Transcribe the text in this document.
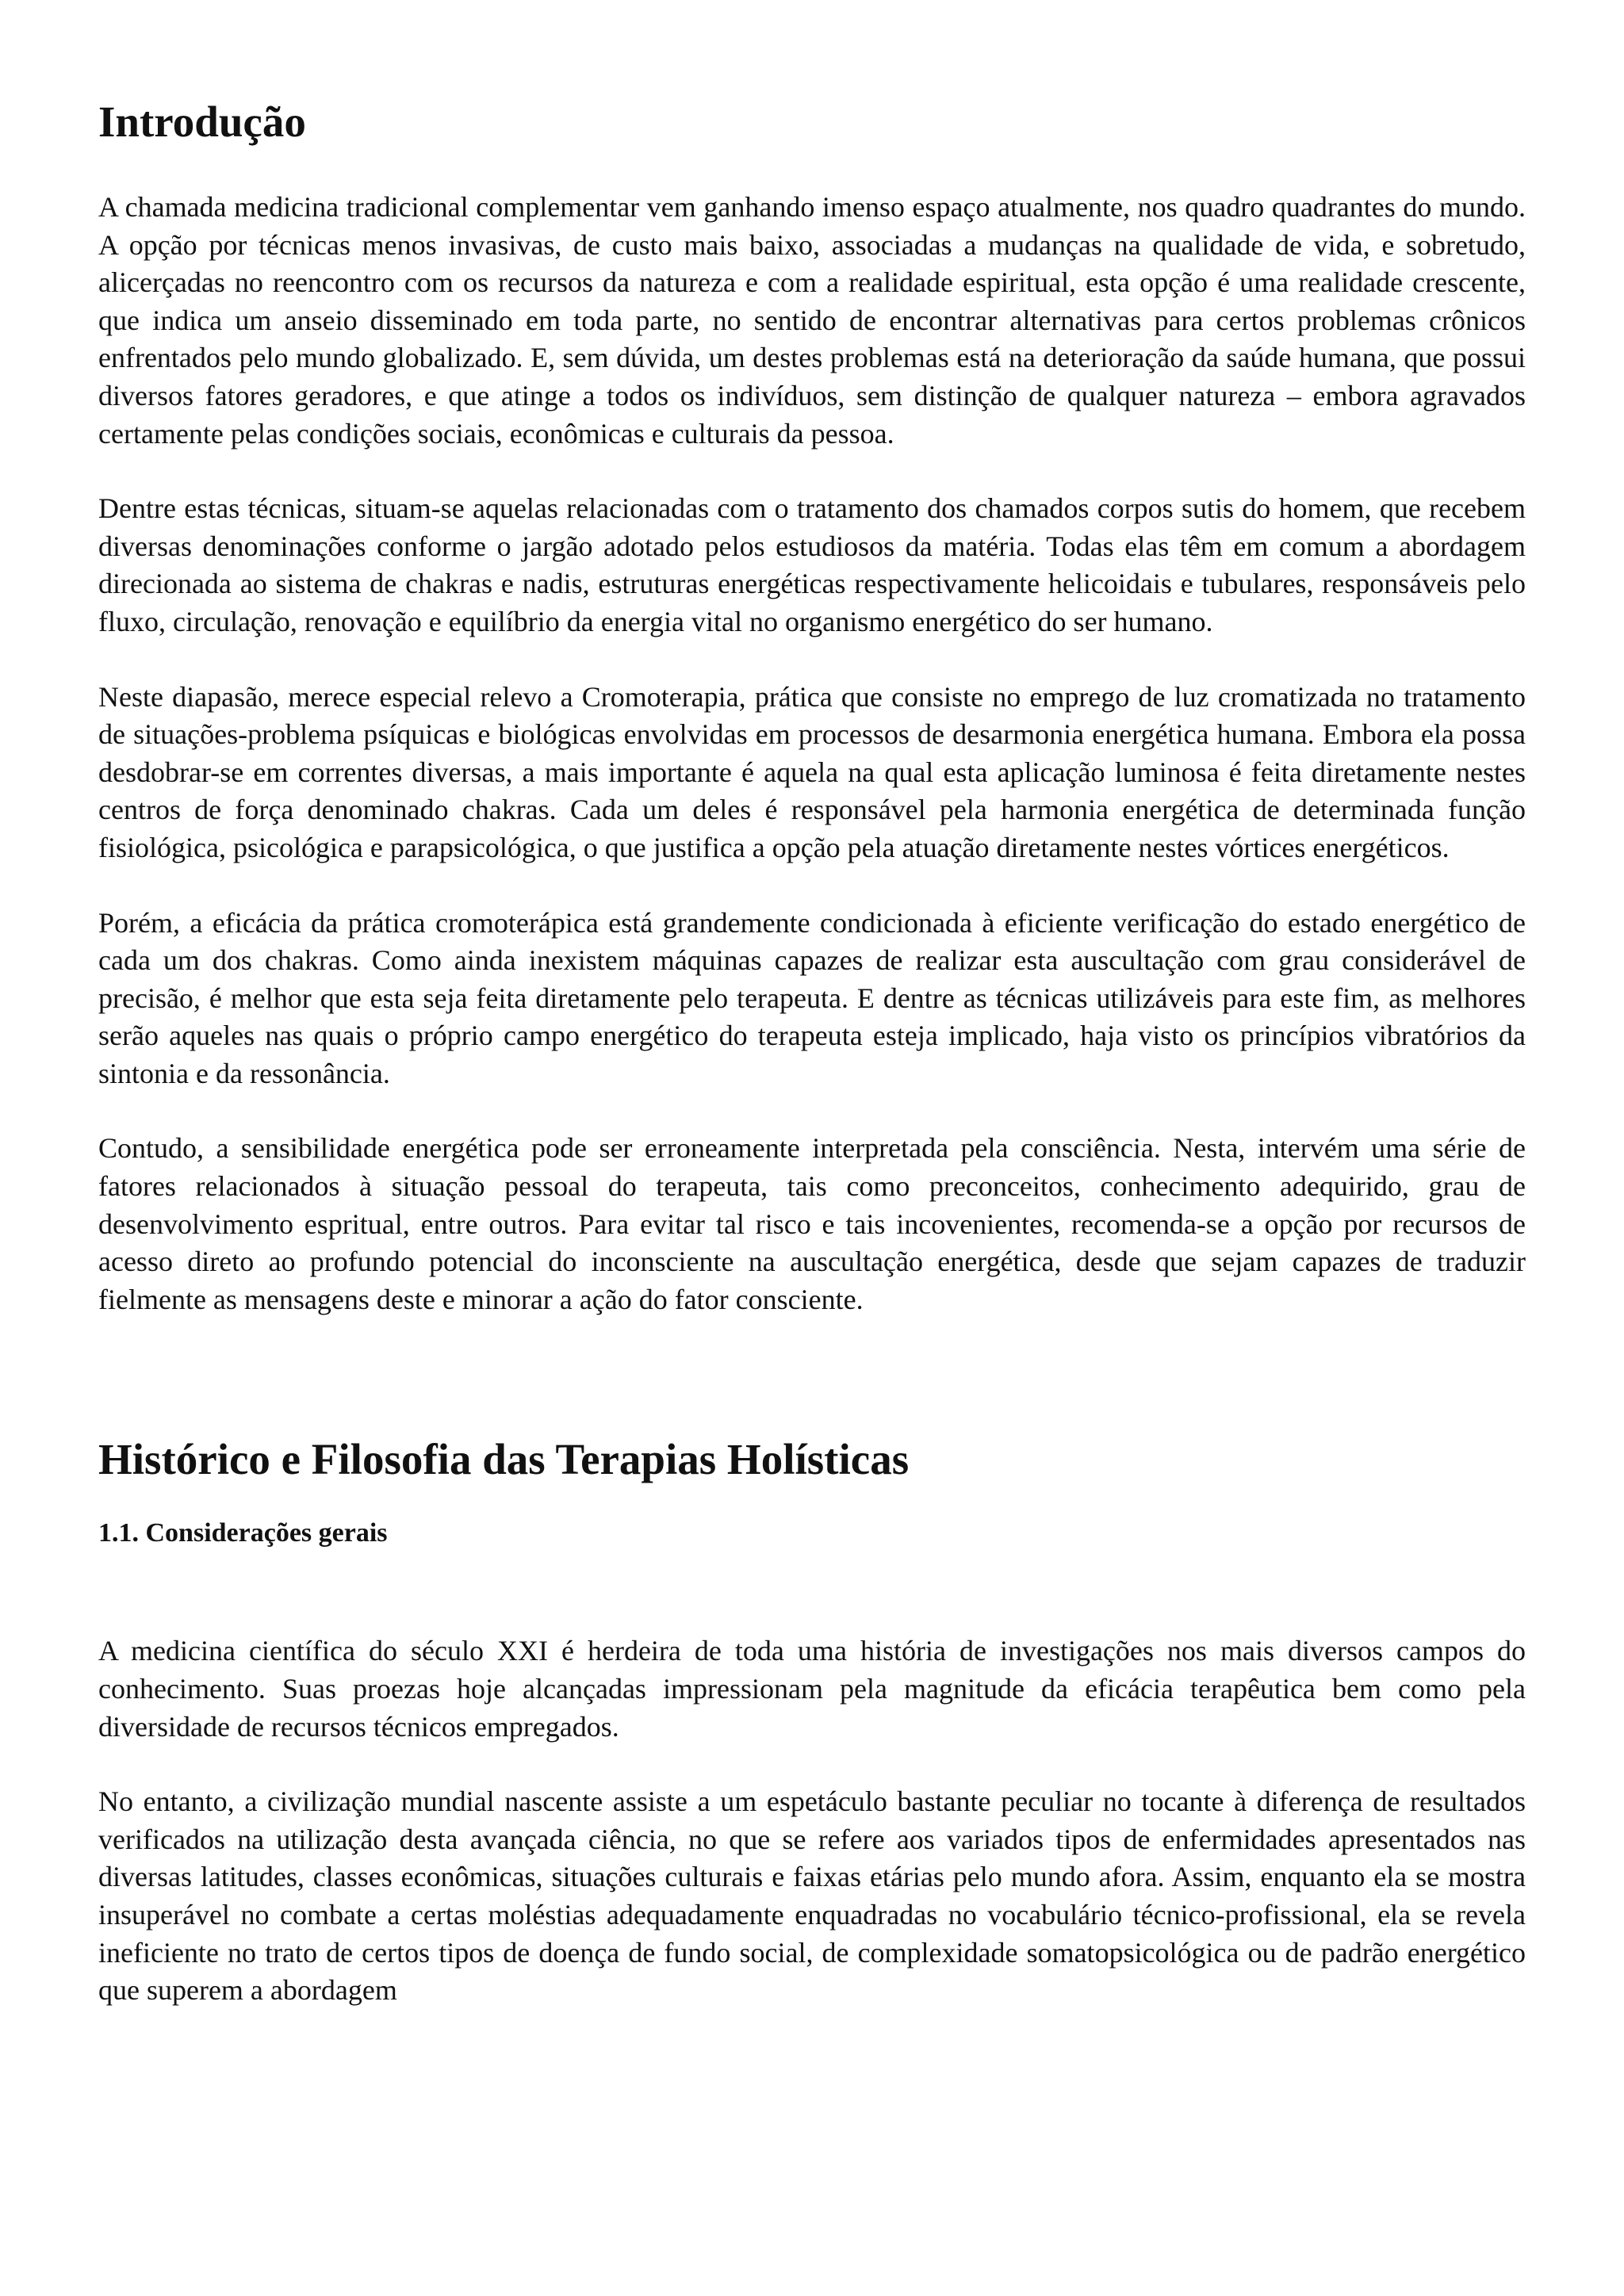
Introdução

A chamada medicina tradicional complementar vem ganhando imenso espaço atualmente, nos quadro quadrantes do mundo. A opção por técnicas menos invasivas, de custo mais baixo, associadas a mudanças na qualidade de vida, e sobretudo, alicerçadas no reencontro com os recursos da natureza e com a realidade espiritual, esta opção é uma realidade crescente, que indica um anseio disseminado em toda parte, no sentido de encontrar alternativas para certos problemas crônicos enfrentados pelo mundo globalizado. E, sem dúvida, um destes problemas está na deterioração da saúde humana, que possui diversos fatores geradores, e que atinge a todos os indivíduos, sem distinção de qualquer natureza – embora agravados certamente pelas condições sociais, econômicas e culturais da pessoa.

Dentre estas técnicas, situam-se aquelas relacionadas com o tratamento dos chamados corpos sutis do homem, que recebem diversas denominações conforme o jargão adotado pelos estudiosos da matéria. Todas elas têm em comum a abordagem direcionada ao sistema de chakras e nadis, estruturas energéticas respectivamente helicoidais e tubulares, responsáveis pelo fluxo, circulação, renovação e equilíbrio da energia vital no organismo energético do ser humano.

Neste diapasão, merece especial relevo a Cromoterapia, prática que consiste no emprego de luz cromatizada no tratamento de situações-problema psíquicas e biológicas envolvidas em processos de desarmonia energética humana. Embora ela possa desdobrar-se em correntes diversas, a mais importante é aquela na qual esta aplicação luminosa é feita diretamente nestes centros de força denominado chakras. Cada um deles é responsável pela harmonia energética de determinada função fisiológica, psicológica e parapsicológica, o que justifica a opção pela atuação diretamente nestes vórtices energéticos.

Porém, a eficácia da prática cromoterápica está grandemente condicionada à eficiente verificação do estado energético de cada um dos chakras. Como ainda inexistem máquinas capazes de realizar esta auscultação com grau considerável de precisão, é melhor que esta seja feita diretamente pelo terapeuta. E dentre as técnicas utilizáveis para este fim, as melhores serão aqueles nas quais o próprio campo energético do terapeuta esteja implicado, haja visto os princípios vibratórios da sintonia e da ressonância.

Contudo, a sensibilidade energética pode ser erroneamente interpretada pela consciência. Nesta, intervém uma série de fatores relacionados à situação pessoal do terapeuta, tais como preconceitos, conhecimento adequirido, grau de desenvolvimento espritual, entre outros. Para evitar tal risco e tais incovenientes, recomenda-se a opção por recursos de acesso direto ao profundo potencial do inconsciente na auscultação energética, desde que sejam capazes de traduzir fielmente as mensagens deste e minorar a ação do fator consciente.

Histórico e Filosofia das Terapias Holísticas
1.1. Considerações gerais

A medicina científica do século XXI é herdeira de toda uma história de investigações nos mais diversos campos do conhecimento. Suas proezas hoje alcançadas impressionam pela magnitude da eficácia terapêutica bem como pela diversidade de recursos técnicos empregados.

No entanto, a civilização mundial nascente assiste a um espetáculo bastante peculiar no tocante à diferença de resultados verificados na utilização desta avançada ciência, no que se refere aos variados tipos de enfermidades apresentados nas diversas latitudes, classes econômicas, situações culturais e faixas etárias pelo mundo afora. Assim, enquanto ela se mostra insuperável no combate a certas moléstias adequadamente enquadradas no vocabulário técnico-profissional, ela se revela ineficiente no trato de certos tipos de doença de fundo social, de complexidade somatopsicológica ou de padrão energético que superem a abordagem
